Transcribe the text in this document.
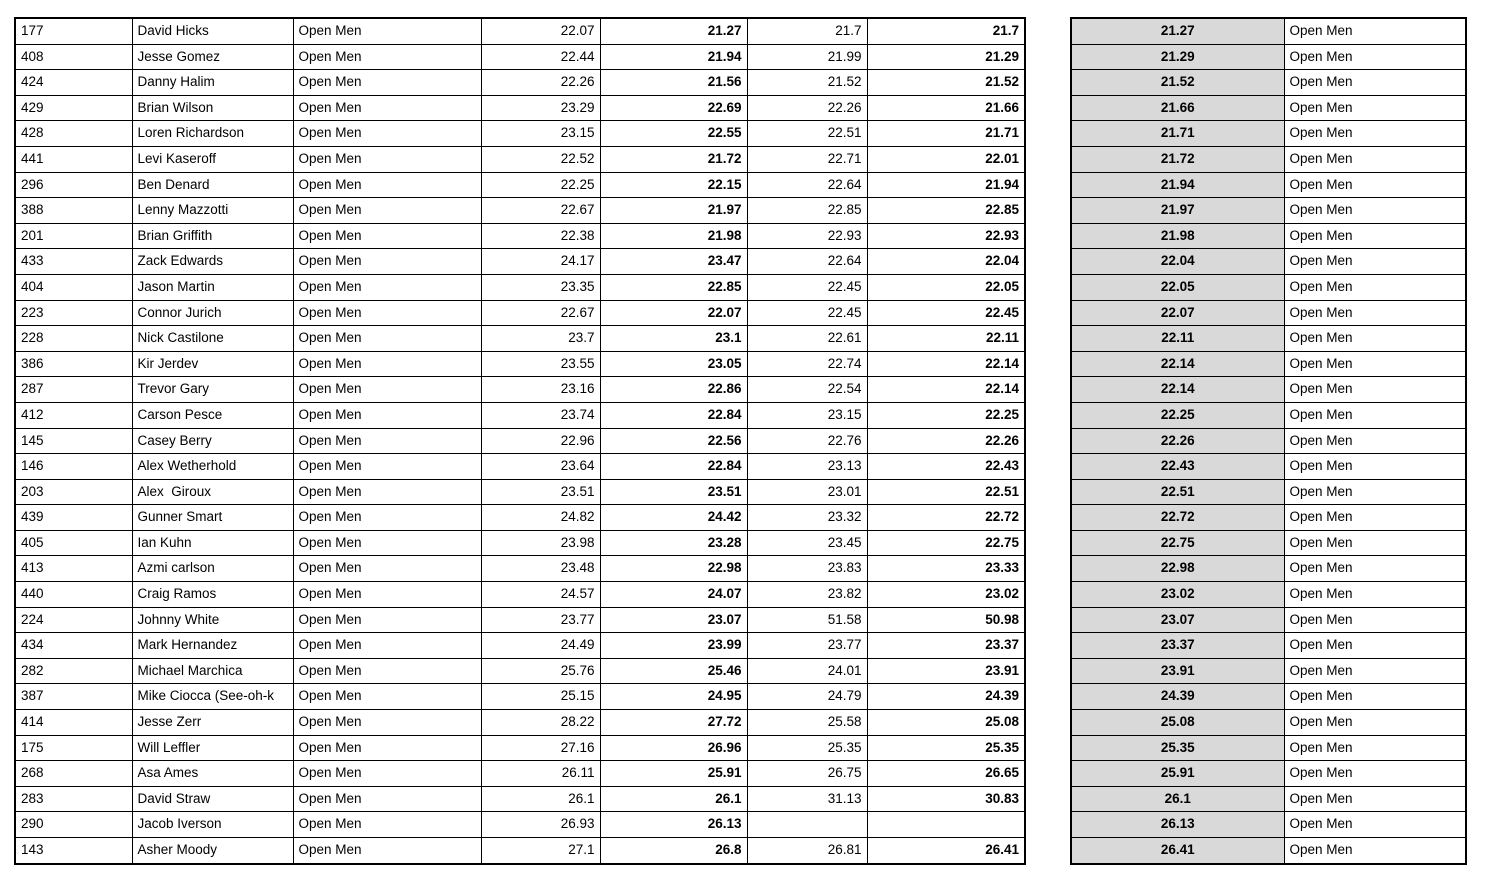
177	David Hicks	Open Men	22.07	21.27	21.7	21.7
408	Jesse Gomez	Open Men	22.44	21.94	21.99	21.29
424	Danny Halim	Open Men	22.26	21.56	21.52	21.52
429	Brian Wilson	Open Men	23.29	22.69	22.26	21.66
428	Loren Richardson	Open Men	23.15	22.55	22.51	21.71
441	Levi Kaseroff	Open Men	22.52	21.72	22.71	22.01
296	Ben Denard	Open Men	22.25	22.15	22.64	21.94
388	Lenny Mazzotti	Open Men	22.67	21.97	22.85	22.85
201	Brian Griffith	Open Men	22.38	21.98	22.93	22.93
433	Zack Edwards	Open Men	24.17	23.47	22.64	22.04
404	Jason Martin	Open Men	23.35	22.85	22.45	22.05
223	Connor Jurich	Open Men	22.67	22.07	22.45	22.45
228	Nick Castilone	Open Men	23.7	23.1	22.61	22.11
386	Kir Jerdev	Open Men	23.55	23.05	22.74	22.14
287	Trevor Gary	Open Men	23.16	22.86	22.54	22.14
412	Carson Pesce	Open Men	23.74	22.84	23.15	22.25
145	Casey Berry	Open Men	22.96	22.56	22.76	22.26
146	Alex Wetherhold	Open Men	23.64	22.84	23.13	22.43
203	Alex  Giroux	Open Men	23.51	23.51	23.01	22.51
439	Gunner Smart	Open Men	24.82	24.42	23.32	22.72
405	Ian Kuhn	Open Men	23.98	23.28	23.45	22.75
413	Azmi carlson	Open Men	23.48	22.98	23.83	23.33
440	Craig Ramos	Open Men	24.57	24.07	23.82	23.02
224	Johnny White	Open Men	23.77	23.07	51.58	50.98
434	Mark Hernandez	Open Men	24.49	23.99	23.77	23.37
282	Michael Marchica	Open Men	25.76	25.46	24.01	23.91
387	Mike Ciocca (See-oh-k	Open Men	25.15	24.95	24.79	24.39
414	Jesse Zerr	Open Men	28.22	27.72	25.58	25.08
175	Will Leffler	Open Men	27.16	26.96	25.35	25.35
268	Asa Ames	Open Men	26.11	25.91	26.75	26.65
283	David Straw	Open Men	26.1	26.1	31.13	30.83
290	Jacob Iverson	Open Men	26.93	26.13		
143	Asher Moody	Open Men	27.1	26.8	26.81	26.41
21.27	Open Men
21.29	Open Men
21.52	Open Men
21.66	Open Men
21.71	Open Men
21.72	Open Men
21.94	Open Men
21.97	Open Men
21.98	Open Men
22.04	Open Men
22.05	Open Men
22.07	Open Men
22.11	Open Men
22.14	Open Men
22.14	Open Men
22.25	Open Men
22.26	Open Men
22.43	Open Men
22.51	Open Men
22.72	Open Men
22.75	Open Men
22.98	Open Men
23.02	Open Men
23.07	Open Men
23.37	Open Men
23.91	Open Men
24.39	Open Men
25.08	Open Men
25.35	Open Men
25.91	Open Men
26.1	Open Men
26.13	Open Men
26.41	Open Men
